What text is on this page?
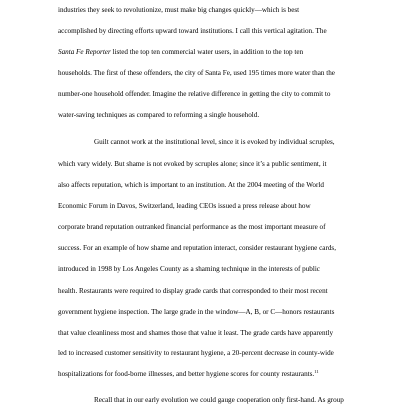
industries they seek to revolutionize, must make big changes quickly—which is best
accomplished by directing efforts upward toward institutions. I call this vertical agitation. The
Santa Fe Reporter listed the top ten commercial water users, in addition to the top ten
households. The first of these offenders, the city of Santa Fe, used 195 times more water than the
number-one household offender. Imagine the relative difference in getting the city to commit to
water-saving techniques as compared to reforming a single household.
Guilt cannot work at the institutional level, since it is evoked by individual scruples,
which vary widely. But shame is not evoked by scruples alone; since it’s a public sentiment, it
also affects reputation, which is important to an institution. At the 2004 meeting of the World
Economic Forum in Davos, Switzerland, leading CEOs issued a press release about how
corporate brand reputation outranked financial performance as the most important measure of
success. For an example of how shame and reputation interact, consider restaurant hygiene cards,
introduced in 1998 by Los Angeles County as a shaming technique in the interests of public
health. Restaurants were required to display grade cards that corresponded to their most recent
government hygiene inspection. The large grade in the window—A, B, or C—honors restaurants
that value cleanliness most and shames those that value it least. The grade cards have apparently
led to increased customer sensitivity to restaurant hygiene, a 20-percent decrease in county-wide
hospitalizations for food-borne illnesses, and better hygiene scores for county restaurants.$^{11}$
Recall that in our early evolution we could gauge cooperation only first-hand. As group
